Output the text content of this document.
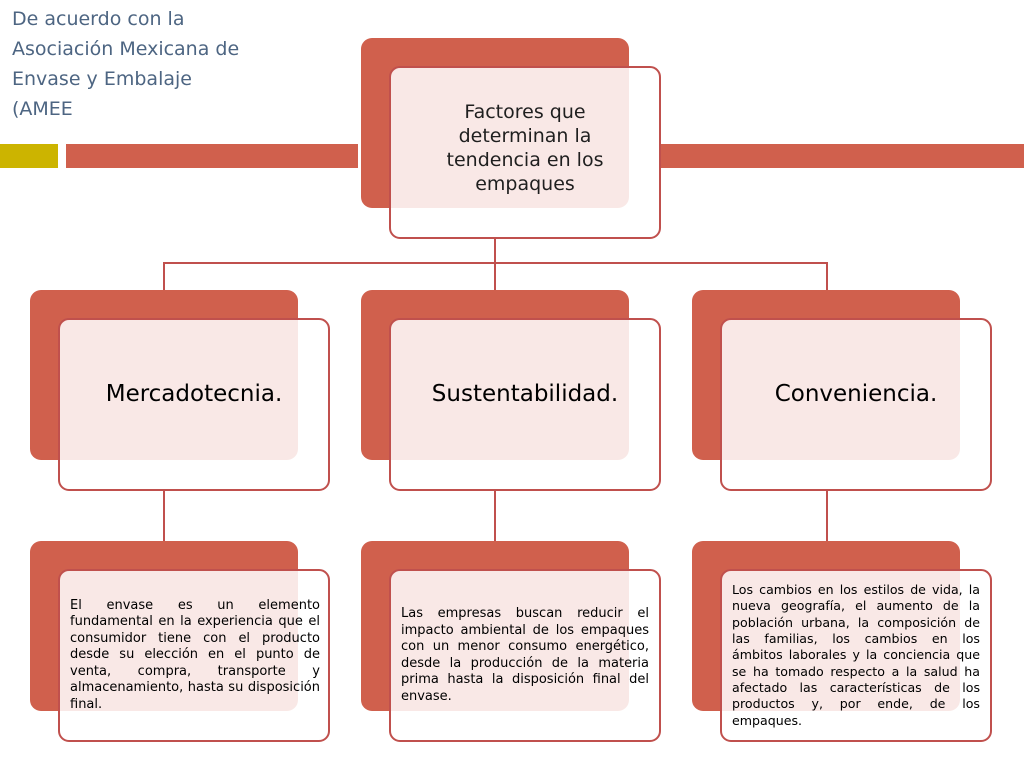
De acuerdo con la Asociación Mexicana de Envase y Embalaje (AMEE	Factores que determinan la tendencia en los empaques
Mercadotecnia.	Sustentabilidad.	Conveniencia.
El envase es un elemento fundamental en la experiencia que el consumidor tiene con el producto desde su elección en el punto de venta, compra, transporte y almacenamiento, hasta su disposición final.
Las empresas buscan reducir el impacto ambiental de los empaques con un menor consumo energético, desde la producción de la materia prima hasta la disposición final del envase.
Los cambios en los estilos de vida, la nueva geografía, el aumento de la población urbana, la composición de las familias, los cambios en los ámbitos laborales y la conciencia que se ha tomado respecto a la salud ha afectado las características de los productos y, por ende, de los empaques.
